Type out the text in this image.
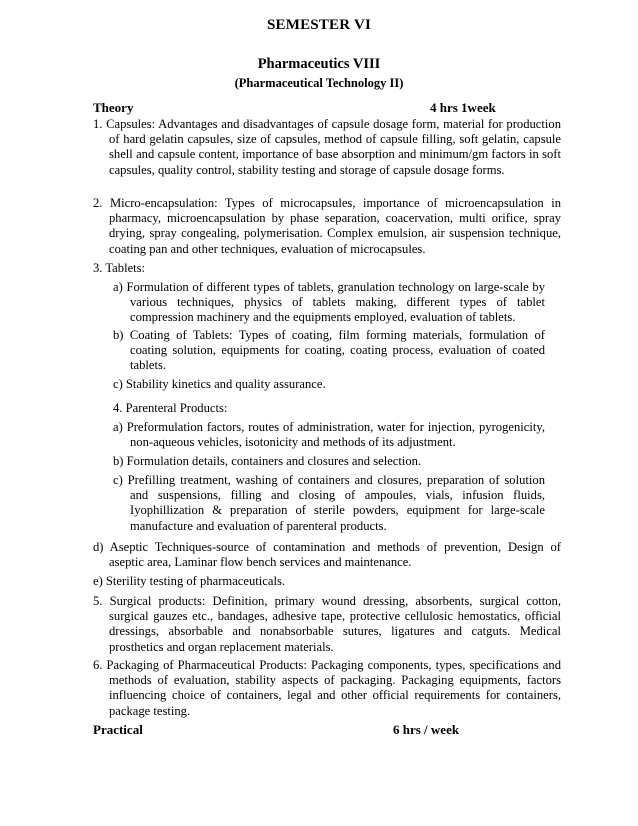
SEMESTER VI
Pharmaceutics VIII
(Pharmaceutical Technology II)
Theory	4 hrs 1week
1. Capsules: Advantages and disadvantages of capsule dosage form, material for production of hard gelatin capsules, size of capsules, method of capsule filling, soft gelatin, capsule shell and capsule content, importance of base absorption and minimum/gm factors in soft capsules, quality control, stability testing and storage of capsule dosage forms.
2. Micro-encapsulation: Types of microcapsules, importance of microencapsulation in pharmacy, microencapsulation by phase separation, coacervation, multi orifice, spray drying, spray congealing, polymerisation. Complex emulsion, air suspension technique, coating pan and other techniques, evaluation of microcapsules.
3. Tablets:
a) Formulation of different types of tablets, granulation technology on large-scale by various techniques, physics of tablets making, different types of tablet compression machinery and the equipments employed, evaluation of tablets.
b) Coating of Tablets: Types of coating, film forming materials, formulation of coating solution, equipments for coating, coating process, evaluation of coated tablets.
c) Stability kinetics and quality assurance.
4. Parenteral Products:
a) Preformulation factors, routes of administration, water for injection, pyrogenicity, non-aqueous vehicles, isotonicity and methods of its adjustment.
b) Formulation details, containers and closures and selection.
c) Prefilling treatment, washing of containers and closures, preparation of solution and suspensions, filling and closing of ampoules, vials, infusion fluids, Iyophillization & preparation of sterile powders, equipment for large-scale manufacture and evaluation of parenteral products.
d) Aseptic Techniques-source of contamination and methods of prevention, Design of aseptic area, Laminar flow bench services and maintenance.
e) Sterility testing of pharmaceuticals.
5. Surgical products: Definition, primary wound dressing, absorbents, surgical cotton, surgical gauzes etc., bandages, adhesive tape, protective cellulosic hemostatics, official dressings, absorbable and nonabsorbable sutures, ligatures and catguts. Medical prosthetics and organ replacement materials.
6. Packaging of Pharmaceutical Products: Packaging components, types, specifications and methods of evaluation, stability aspects of packaging. Packaging equipments, factors influencing choice of containers, legal and other official requirements for containers, package testing.
Practical	6 hrs / week
